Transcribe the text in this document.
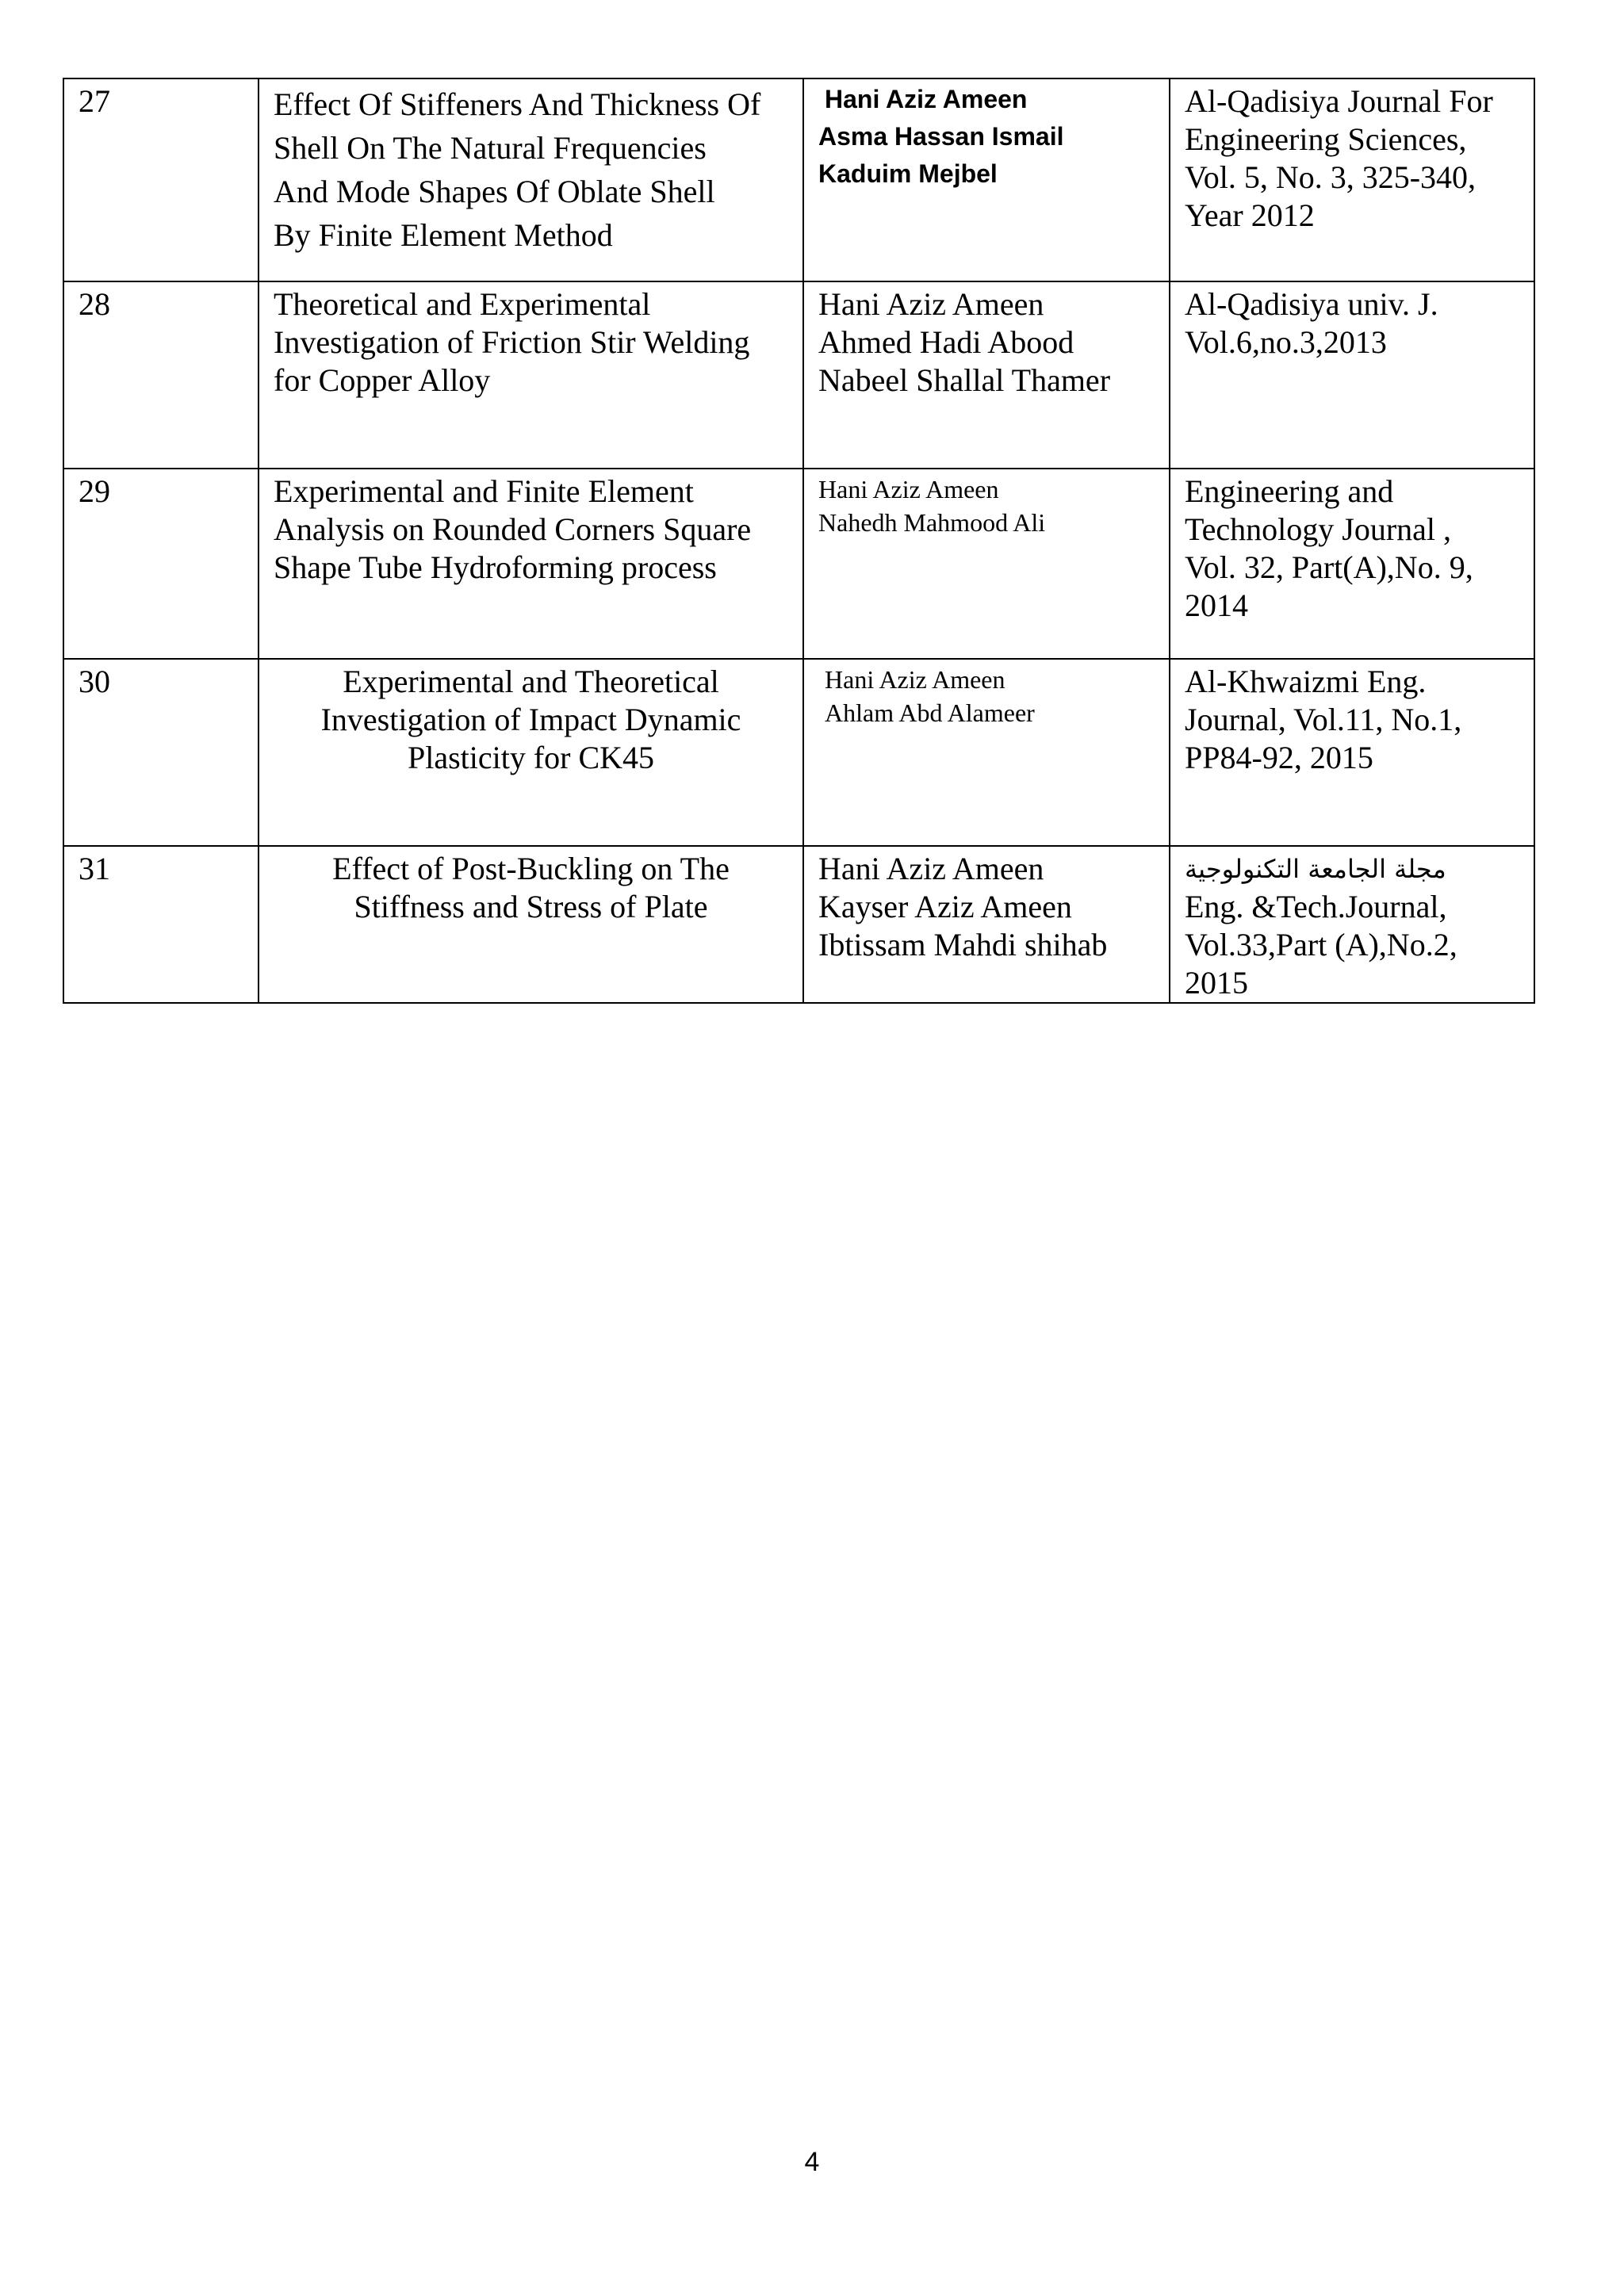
27	Effect Of Stiffeners And Thickness Of
Shell On The Natural Frequencies
And Mode Shapes Of Oblate Shell
By Finite Element Method	Hani Aziz Ameen
Asma Hassan Ismail
Kaduim Mejbel	Al-Qadisiya Journal For
Engineering Sciences,
Vol. 5, No. 3, 325-340,
Year 2012

28	Theoretical and Experimental
Investigation of Friction Stir Welding
for Copper Alloy	Hani Aziz Ameen
Ahmed Hadi Abood
Nabeel Shallal Thamer	Al-Qadisiya univ. J.
Vol.6,no.3,2013

29	Experimental and Finite Element
Analysis on Rounded Corners Square
Shape Tube Hydroforming process	Hani Aziz Ameen
Nahedh Mahmood Ali	Engineering and
Technology Journal ,
Vol. 32, Part(A),No. 9,
2014

30	Experimental and Theoretical
Investigation of Impact Dynamic
Plasticity for CK45	Hani Aziz Ameen
Ahlam Abd Alameer	Al-Khwaizmi Eng.
Journal, Vol.11, No.1,
PP84-92, 2015

31	Effect of Post-Buckling on The
Stiffness and Stress of Plate	Hani Aziz Ameen
Kayser Aziz Ameen
Ibtissam Mahdi shihab	مجلة الجامعة التكنولوجية
Eng. &Tech.Journal,
Vol.33,Part (A),No.2,
2015
4
